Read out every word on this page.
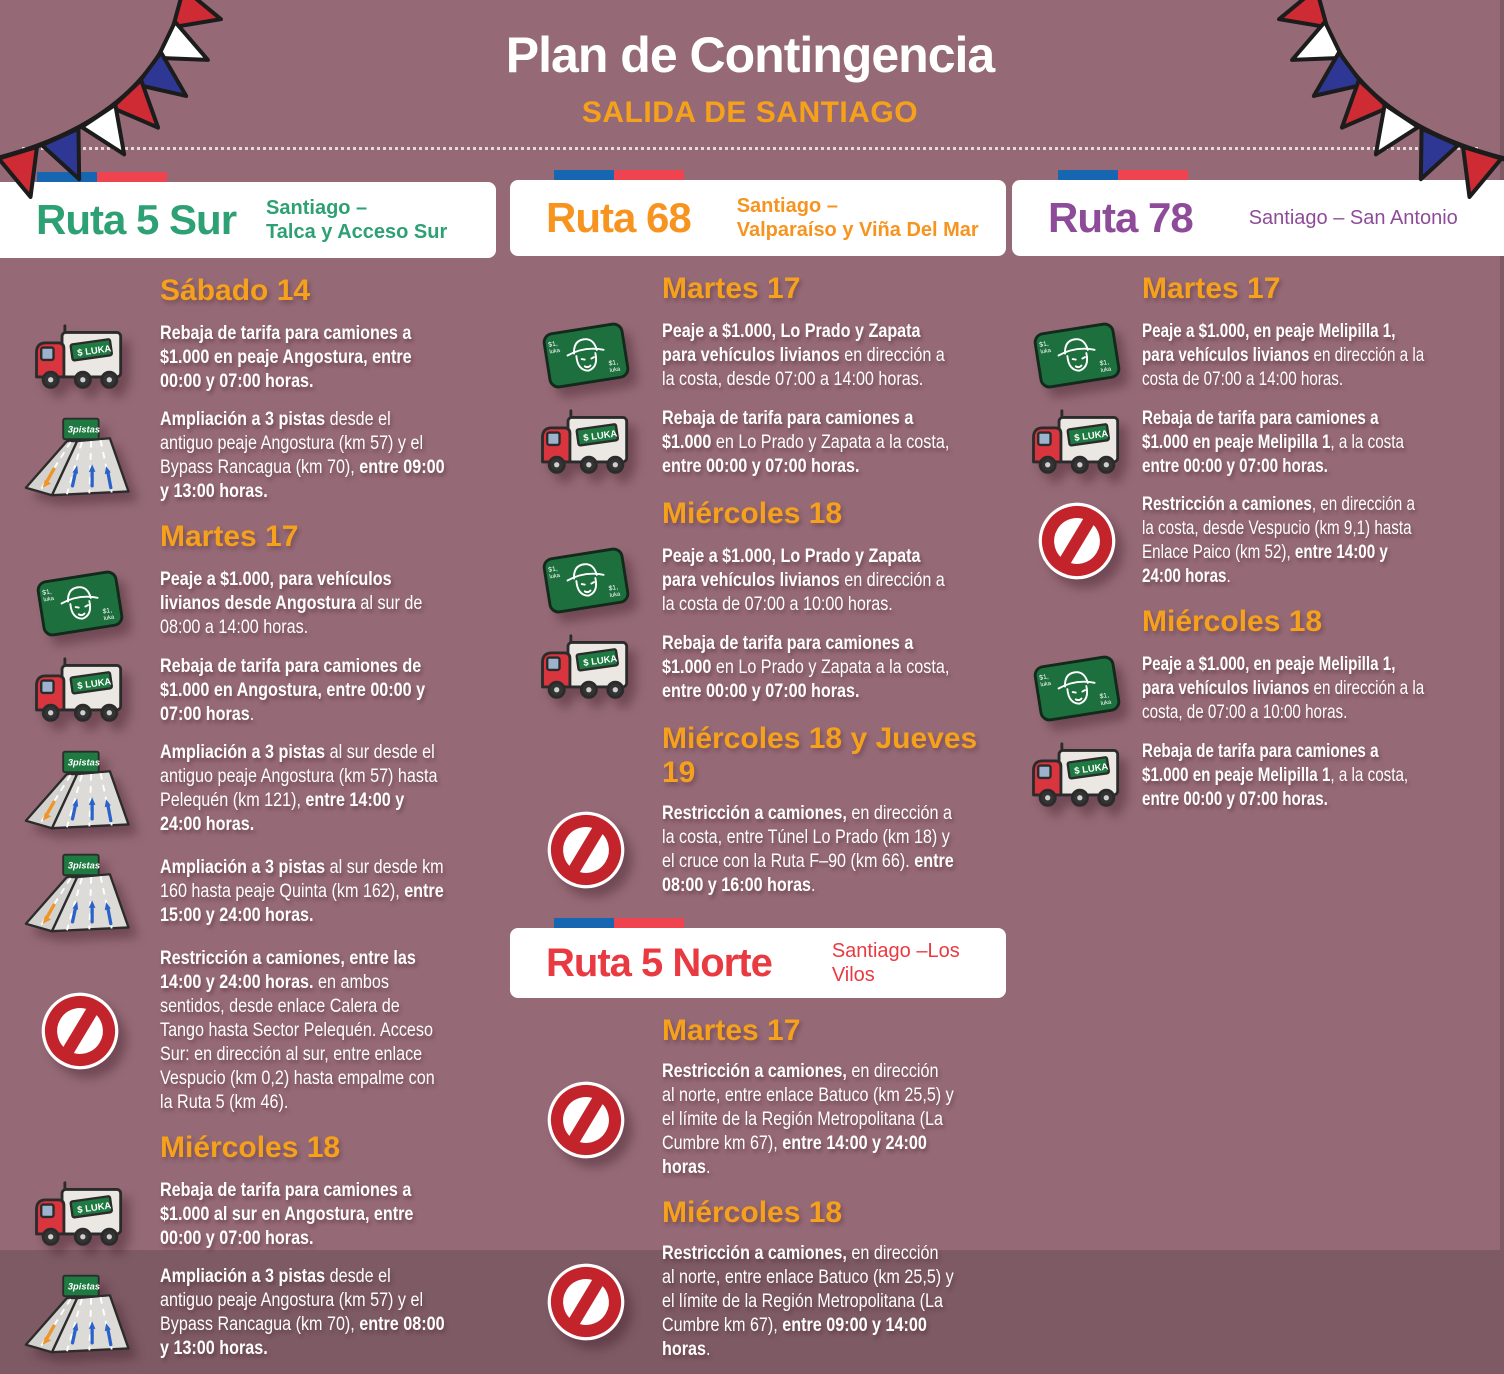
Plan de Contingencia
SALIDA DE SANTIAGO
Ruta 5 Sur Santiago –
Talca y Acceso Sur
Sábado 14

Rebaja de tarifa para camiones a $1.000 en peaje Angostura, entre 00:00 y 07:00 horas.

Ampliación a 3 pistas desde el antiguo peaje Angostura (km 57) y el Bypass Rancagua (km 70), entre 09:00 y 13:00 horas.

Martes 17

Peaje a $1.000, para vehículos livianos desde Angostura al sur de 08:00 a 14:00 horas.

Rebaja de tarifa para camiones de $1.000 en Angostura, entre 00:00 y 07:00 horas.

Ampliación a 3 pistas al sur desde el antiguo peaje Angostura (km 57) hasta Pelequén (km 121), entre 14:00 y 24:00 horas.

Ampliación a 3 pistas al sur desde km 160 hasta peaje Quinta (km 162), entre 15:00 y 24:00 horas.

Restricción a camiones, entre las 14:00 y 24:00 horas. en ambos sentidos, desde enlace Calera de Tango hasta Sector Pelequén. Acceso Sur: en dirección al sur, entre enlace Vespucio (km 0,2) hasta empalme con la Ruta 5 (km 46).

Miércoles 18

Rebaja de tarifa para camiones a $1.000 al sur en Angostura, entre 00:00 y 07:00 horas.

Ampliación a 3 pistas desde el antiguo peaje Angostura (km 57) y el Bypass Rancagua (km 70), entre 08:00 y 13:00 horas.

Ruta 68 Santiago –
Valparaíso y Viña Del Mar
Martes 17

Peaje a $1.000, Lo Prado y Zapata para vehículos livianos en dirección a la costa, desde 07:00 a 14:00 horas.

Rebaja de tarifa para camiones a $1.000 en Lo Prado y Zapata a la costa, entre 00:00 y 07:00 horas.

Miércoles 18

Peaje a $1.000, Lo Prado y Zapata para vehículos livianos en dirección a la costa de 07:00 a 10:00 horas.

Rebaja de tarifa para camiones a $1.000 en Lo Prado y Zapata a la costa, entre 00:00 y 07:00 horas.

Miércoles 18 y Jueves 19

Restricción a camiones, en dirección a la costa, entre Túnel Lo Prado (km 18) y el cruce con la Ruta F–90 (km 66). entre 08:00 y 16:00 horas.

Ruta 5 Norte	Santiago –Los Vilos
Martes 17

Restricción a camiones, en dirección al norte, entre enlace Batuco (km 25,5) y el límite de la Región Metropolitana (La Cumbre km 67), entre 14:00 y 24:00 horas.

Miércoles 18

Restricción a camiones, en dirección al norte, entre enlace Batuco (km 25,5) y el límite de la Región Metropolitana (La Cumbre km 67), entre 09:00 y 14:00 horas.

Ruta 78	Santiago – San Antonio
Martes 17

Peaje a $1.000, en peaje Melipilla 1, para vehículos livianos en dirección a la costa de 07:00 a 14:00 horas.

Rebaja de tarifa para camiones a $1.000 en peaje Melipilla 1, a la costa entre 00:00 y 07:00 horas.

Restricción a camiones, en dirección a la costa, desde Vespucio (km 9,1) hasta Enlace Paico (km 52), entre 14:00 y 24:00 horas.

Miércoles 18

Peaje a $1.000, en peaje Melipilla 1, para vehículos livianos en dirección a la costa, de 07:00 a 10:00 horas.

Rebaja de tarifa para camiones a $1.000 en peaje Melipilla 1, a la costa, entre 00:00 y 07:00 horas.
